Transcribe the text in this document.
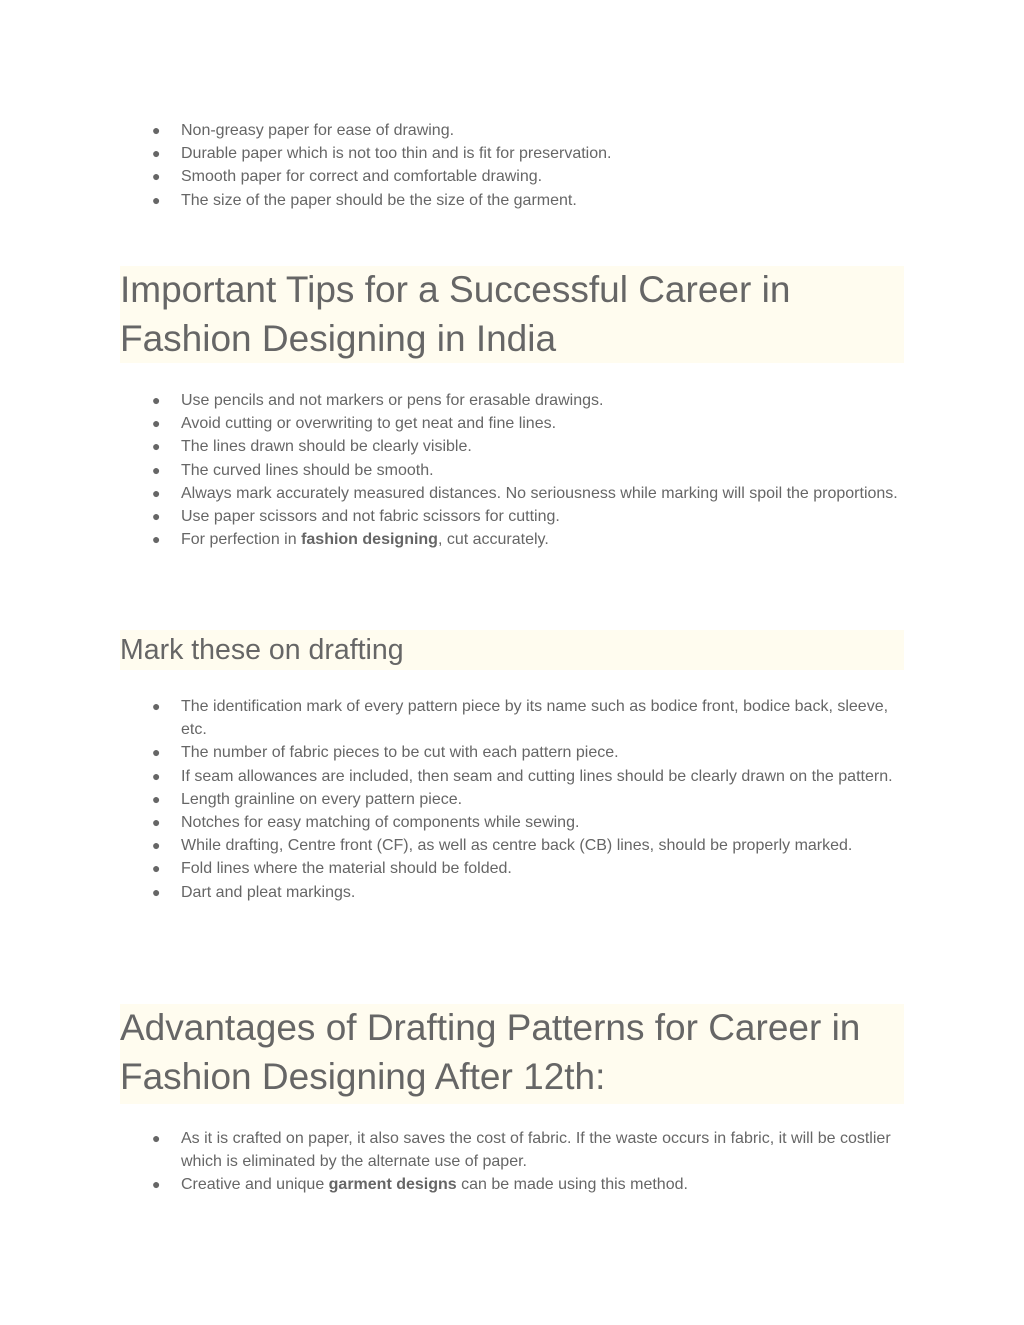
● Non-greasy paper for ease of drawing.
● Durable paper which is not too thin and is fit for preservation.
● Smooth paper for correct and comfortable drawing.
● The size of the paper should be the size of the garment.
Important Tips for a Successful Career in Fashion Designing in India
● Use pencils and not markers or pens for erasable drawings.
● Avoid cutting or overwriting to get neat and fine lines.
● The lines drawn should be clearly visible.
● The curved lines should be smooth.
● Always mark accurately measured distances. No seriousness while marking will spoil the proportions.
● Use paper scissors and not fabric scissors for cutting.
● For perfection in fashion designing, cut accurately.
Mark these on drafting
● The identification mark of every pattern piece by its name such as bodice front, bodice back, sleeve, etc.
● The number of fabric pieces to be cut with each pattern piece.
● If seam allowances are included, then seam and cutting lines should be clearly drawn on the pattern.
● Length grainline on every pattern piece.
● Notches for easy matching of components while sewing.
● While drafting, Centre front (CF), as well as centre back (CB) lines, should be properly marked.
● Fold lines where the material should be folded.
● Dart and pleat markings.
Advantages of Drafting Patterns for Career in Fashion Designing After 12th:
● As it is crafted on paper, it also saves the cost of fabric. If the waste occurs in fabric, it will be costlier which is eliminated by the alternate use of paper.
● Creative and unique garment designs can be made using this method.
